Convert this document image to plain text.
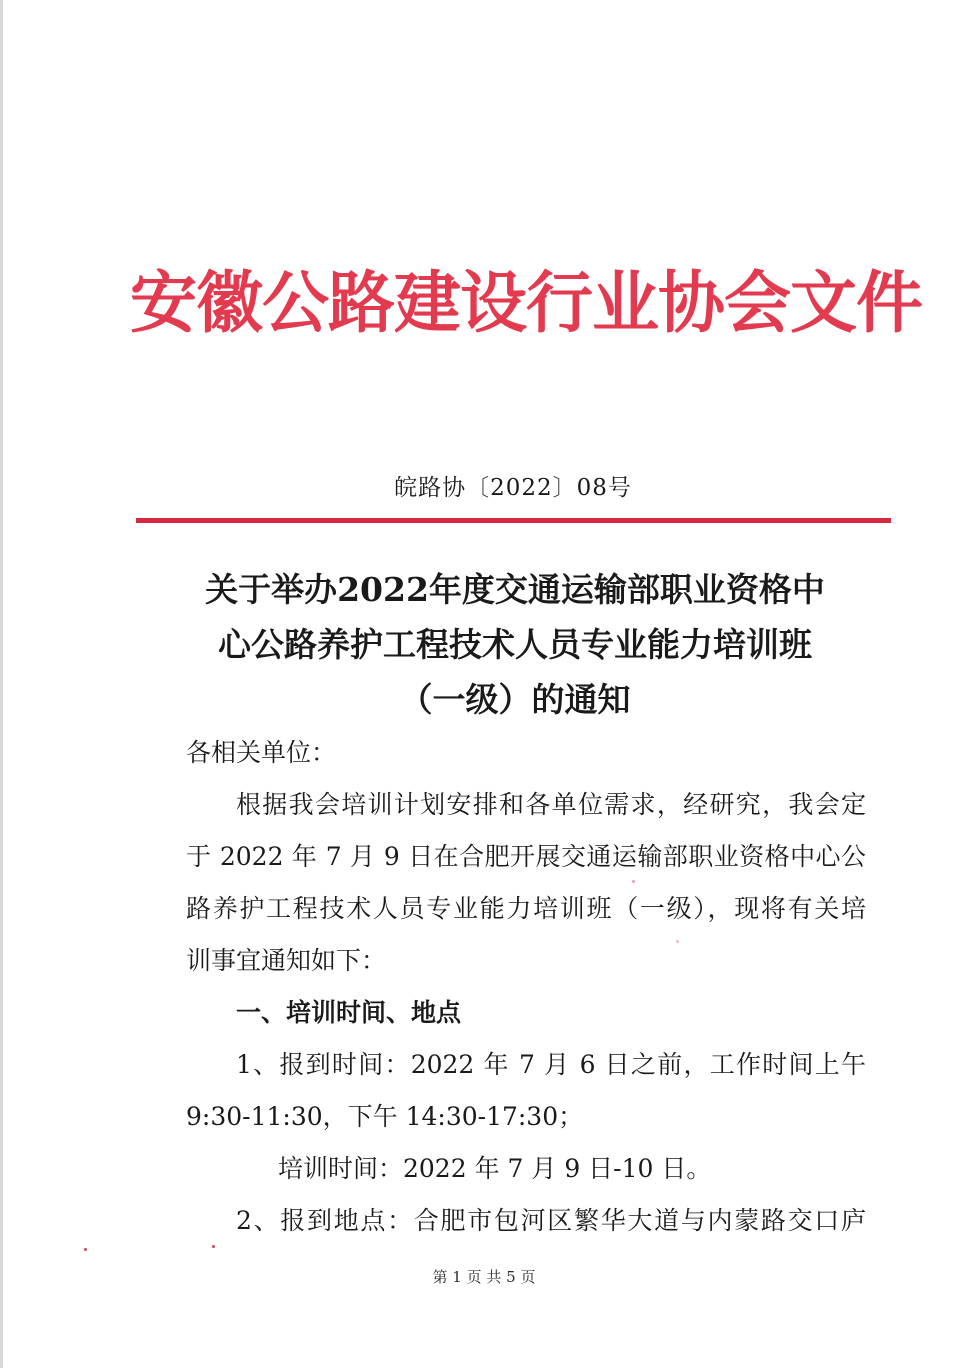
安徽公路建设行业协会文件
皖路协〔2022〕08号
关于举办2022年度交通运输部职业资格中
心公路养护工程技术人员专业能力培训班
（一级）的通知
各相关单位：
根据我会培训计划安排和各单位需求，经研究，我会定
于 2022 年 7 月 9 日在合肥开展交通运输部职业资格中心公
路养护工程技术人员专业能力培训班（一级），现将有关培
训事宜通知如下：
一、培训时间、地点
1、报到时间：2022 年 7 月 6 日之前，工作时间上午
9:30-11:30，下午 14:30-17:30；
培训时间：2022 年 7 月 9 日-10 日。
2、报到地点：合肥市包河区繁华大道与内蒙路交口庐
第 1 页 共 5 页
